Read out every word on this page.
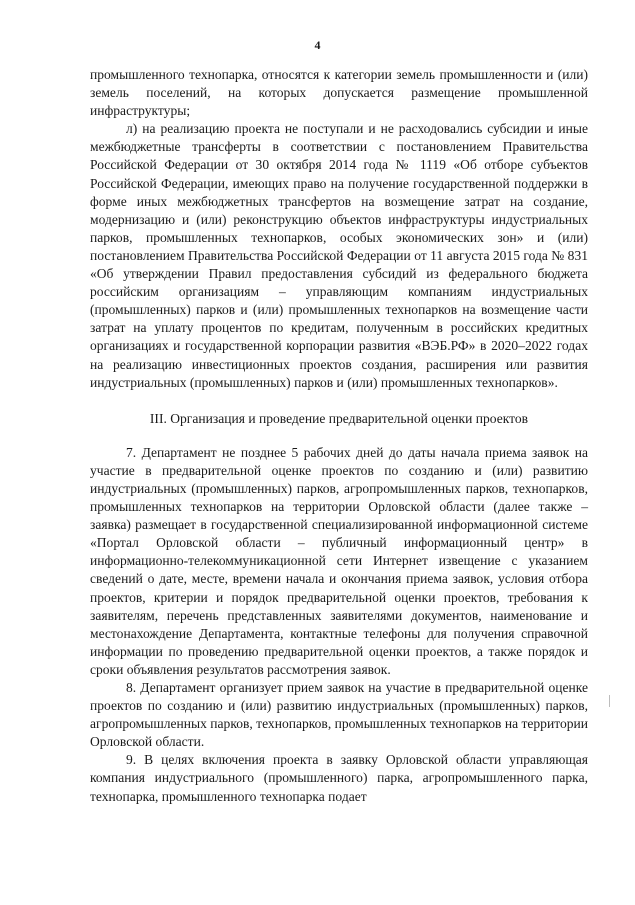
4

промышленного технопарка, относятся к категории земель промышленности и (или) земель поселений, на которых допускается размещение промышленной инфраструктуры;

л) на реализацию проекта не поступали и не расходовались субсидии и иные межбюджетные трансферты в соответствии с постановлением Правительства Российской Федерации от 30 октября 2014 года № 1119 «Об отборе субъектов Российской Федерации, имеющих право на получение государственной поддержки в форме иных межбюджетных трансфертов на возмещение затрат на создание, модернизацию и (или) реконструкцию объектов инфраструктуры индустриальных парков, промышленных технопарков, особых экономических зон» и (или) постановлением Правительства Российской Федерации от 11 августа 2015 года № 831 «Об утверждении Правил предоставления субсидий из федерального бюджета российским организациям – управляющим компаниям индустриальных (промышленных) парков и (или) промышленных технопарков на возмещение части затрат на уплату процентов по кредитам, полученным в российских кредитных организациях и государственной корпорации развития «ВЭБ.РФ» в 2020–2022 годах на реализацию инвестиционных проектов создания, расширения или развития индустриальных (промышленных) парков и (или) промышленных технопарков».

III. Организация и проведение предварительной оценки проектов

7. Департамент не позднее 5 рабочих дней до даты начала приема заявок на участие в предварительной оценке проектов по созданию и (или) развитию индустриальных (промышленных) парков, агропромышленных парков, технопарков, промышленных технопарков на территории Орловской области (далее также – заявка) размещает в государственной специализированной информационной системе «Портал Орловской области – публичный информационный центр» в информационно-телекоммуникационной сети Интернет извещение с указанием сведений о дате, месте, времени начала и окончания приема заявок, условия отбора проектов, критерии и порядок предварительной оценки проектов, требования к заявителям, перечень представленных заявителями документов, наименование и местонахождение Департамента, контактные телефоны для получения справочной информации по проведению предварительной оценки проектов, а также порядок и сроки объявления результатов рассмотрения заявок.

8. Департамент организует прием заявок на участие в предварительной оценке проектов по созданию и (или) развитию индустриальных (промышленных) парков, агропромышленных парков, технопарков, промышленных технопарков на территории Орловской области.

9. В целях включения проекта в заявку Орловской области управляющая компания индустриального (промышленного) парка, агропромышленного парка, технопарка, промышленного технопарка подает
